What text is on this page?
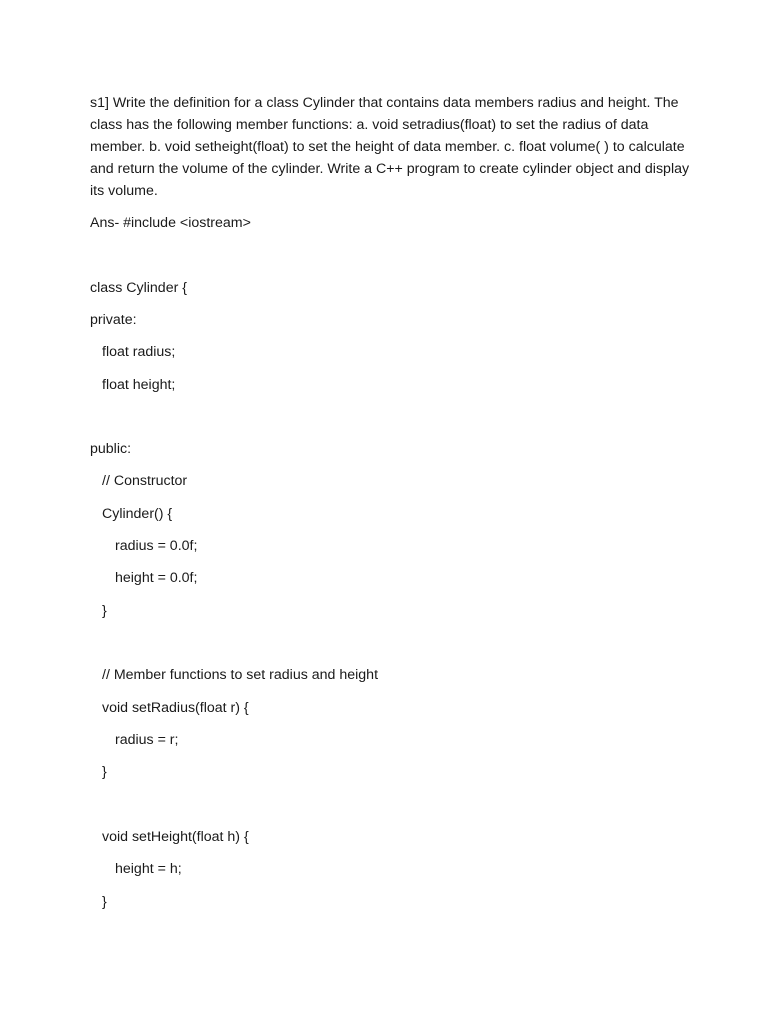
s1] Write the definition for a class Cylinder that contains data members radius and height. The class has the following member functions: a. void setradius(float) to set the radius of data member. b. void setheight(float) to set the height of data member. c. float volume( ) to calculate and return the volume of the cylinder. Write a C++ program to create cylinder object and display its volume.

Ans- #include <iostream>

class Cylinder {

private:

float radius;

float height;

public:

// Constructor

Cylinder() {

radius = 0.0f;

height = 0.0f;

}

// Member functions to set radius and height

void setRadius(float r) {

radius = r;

}

void setHeight(float h) {

height = h;

}
